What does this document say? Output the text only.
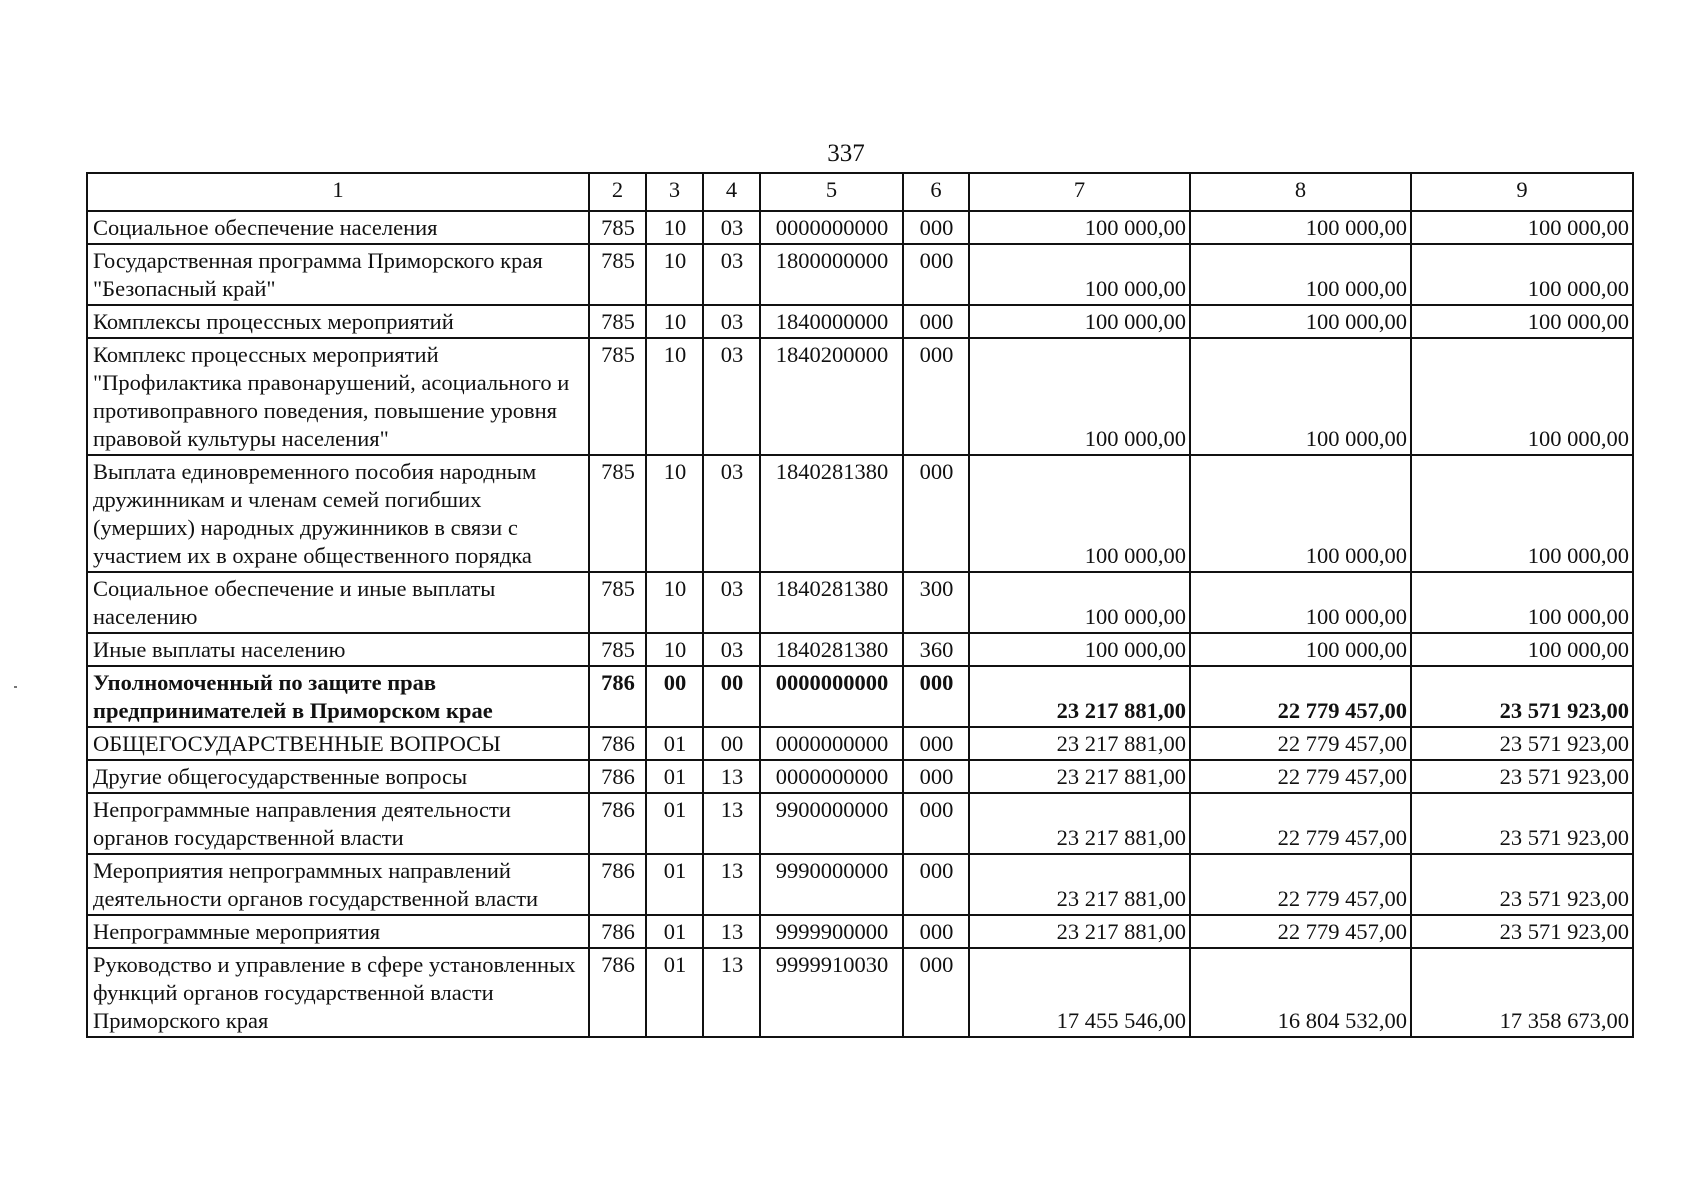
337
1	2	3	4	5	6	7	8	9
Социальное обеспечение населения	785	10	03	0000000000	000	100 000,00	100 000,00	100 000,00
Государственная программа Приморского края "Безопасный край"	785	10	03	1800000000	000	100 000,00	100 000,00	100 000,00
Комплексы процессных мероприятий	785	10	03	1840000000	000	100 000,00	100 000,00	100 000,00
Комплекс процессных мероприятий "Профилактика правонарушений, асоциального и противоправного поведения, повышение уровня правовой культуры населения"	785	10	03	1840200000	000	100 000,00	100 000,00	100 000,00
Выплата единовременного пособия народным дружинникам и членам семей погибших (умерших) народных дружинников в связи с участием их в охране общественного порядка	785	10	03	1840281380	000	100 000,00	100 000,00	100 000,00
Социальное обеспечение и иные выплаты населению	785	10	03	1840281380	300	100 000,00	100 000,00	100 000,00
Иные выплаты населению	785	10	03	1840281380	360	100 000,00	100 000,00	100 000,00
Уполномоченный по защите прав предпринимателей в Приморском крае	786	00	00	0000000000	000	23 217 881,00	22 779 457,00	23 571 923,00
ОБЩЕГОСУДАРСТВЕННЫЕ ВОПРОСЫ	786	01	00	0000000000	000	23 217 881,00	22 779 457,00	23 571 923,00
Другие общегосударственные вопросы	786	01	13	0000000000	000	23 217 881,00	22 779 457,00	23 571 923,00
Непрограммные направления деятельности органов государственной власти	786	01	13	9900000000	000	23 217 881,00	22 779 457,00	23 571 923,00
Мероприятия непрограммных направлений деятельности органов государственной власти	786	01	13	9990000000	000	23 217 881,00	22 779 457,00	23 571 923,00
Непрограммные мероприятия	786	01	13	9999900000	000	23 217 881,00	22 779 457,00	23 571 923,00
Руководство и управление в сфере установленных функций органов государственной власти Приморского края	786	01	13	9999910030	000	17 455 546,00	16 804 532,00	17 358 673,00
